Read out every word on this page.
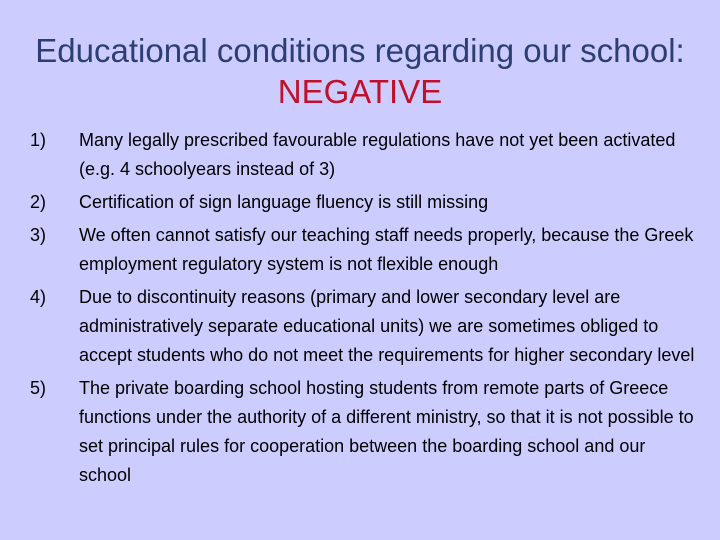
Educational conditions regarding our school: NEGATIVE
1)	Many legally prescribed favourable regulations have not yet been activated (e.g. 4 schoolyears instead of 3)
2)	Certification of sign language fluency is still missing
3)	We often cannot satisfy our teaching staff needs properly, because the Greek employment regulatory system is not flexible enough
4)	Due to discontinuity reasons (primary and lower secondary level are administratively separate educational units) we are sometimes obliged to accept students who do not meet the requirements for higher secondary level
5)	The private boarding school hosting students from remote parts of Greece functions under the authority of a different ministry, so that it is not possible to set principal rules for cooperation between the boarding school and our school
